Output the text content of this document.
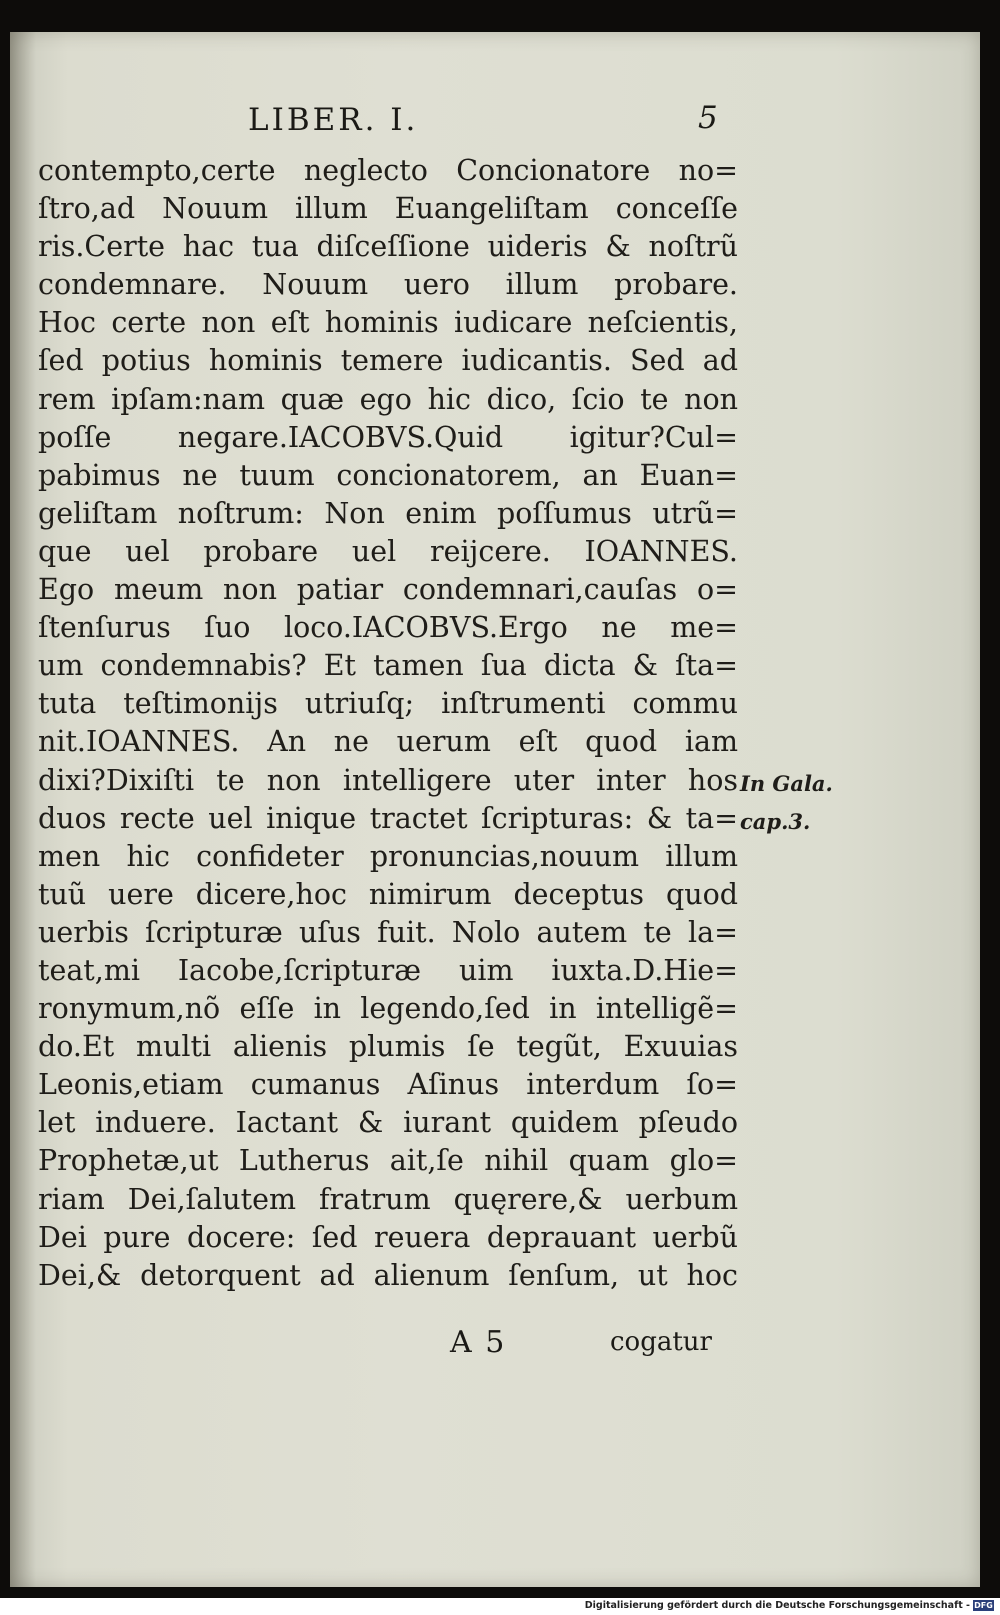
LIBER. I.	5
contempto,certe neglecto Concionatore no=
ſtro,ad Nouum illum Euangeliſtam conceſſe
ris.Certe hac tua diſceſſione uideris & noſtrũ
condemnare. Nouum uero illum probare.
Hoc certe non eſt hominis iudicare neſcientis,
ſed potius hominis temere iudicantis. Sed ad
rem ipſam:nam quæ ego hic dico, ſcio te non
poſſe negare.IACOBVS.Quid igitur?Cul=
pabimus ne tuum concionatorem, an Euan=
geliſtam noſtrum: Non enim poſſumus utrũ=
que uel probare uel reijcere. IOANNES.
Ego meum non patiar condemnari,cauſas o=
ſtenſurus ſuo loco.IACOBVS.Ergo ne me=
um condemnabis? Et tamen ſua dicta & ſta=
tuta teſtimonijs utriuſq; inſtrumenti commu
nit.IOANNES. An ne uerum eſt quod iam
dixi?Dixiſti te non intelligere uter inter hos
duos recte uel inique tractet ſcripturas: & ta=
men hic confideter pronuncias,nouum illum
tuũ uere dicere,hoc nimirum deceptus quod
uerbis ſcripturæ uſus fuit. Nolo autem te la=
teat,mi Iacobe,ſcripturæ uim iuxta.D.Hie=
ronymum,nõ eſſe in legendo,ſed in intelligẽ=
do.Et multi alienis plumis ſe tegũt, Exuuias
Leonis,etiam cumanus Aſinus interdum ſo=
let induere. Iactant & iurant quidem pſeudo
Prophetæ,ut Lutherus ait,ſe nihil quam glo=
riam Dei,ſalutem fratrum quęrere,& uerbum
Dei pure docere: ſed reuera deprauant uerbũ
Dei,& detorquent ad alienum ſenſum, ut hoc
In Gala.
cap.3.
A 5	cogatur
Digitalisierung gefördert durch die Deutsche Forschungsgemeinschaft - DFG
